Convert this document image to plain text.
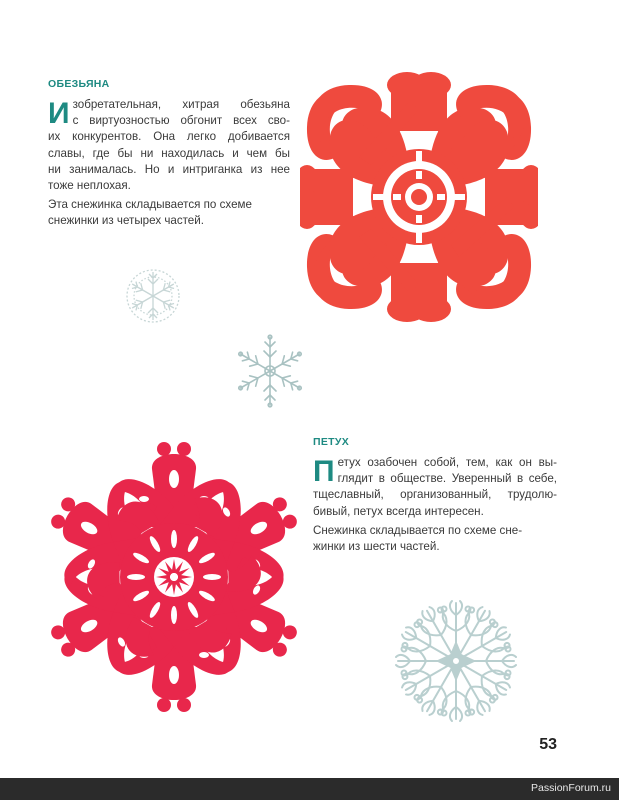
ОБЕЗЬЯНА
И зобретательная, хитрая обезьяна
с виртуозностью обгонит всех сво-
их конкурентов. Она легко добивается
славы, где бы ни находилась и чем бы
ни занималась. Но и интриганка из нее
тоже неплохая.
Эта снежинка складывается по схеме
снежинки из четырех частей.
ПЕТУХ
П етух озабочен собой, тем, как он вы-
глядит в обществе. Уверенный в себе,
тщеславный, организованный, трудолю-
бивый, петух всегда интересен.
Снежинка складывается по схеме сне-
жинки из шести частей.
53
PassionForum.ru
